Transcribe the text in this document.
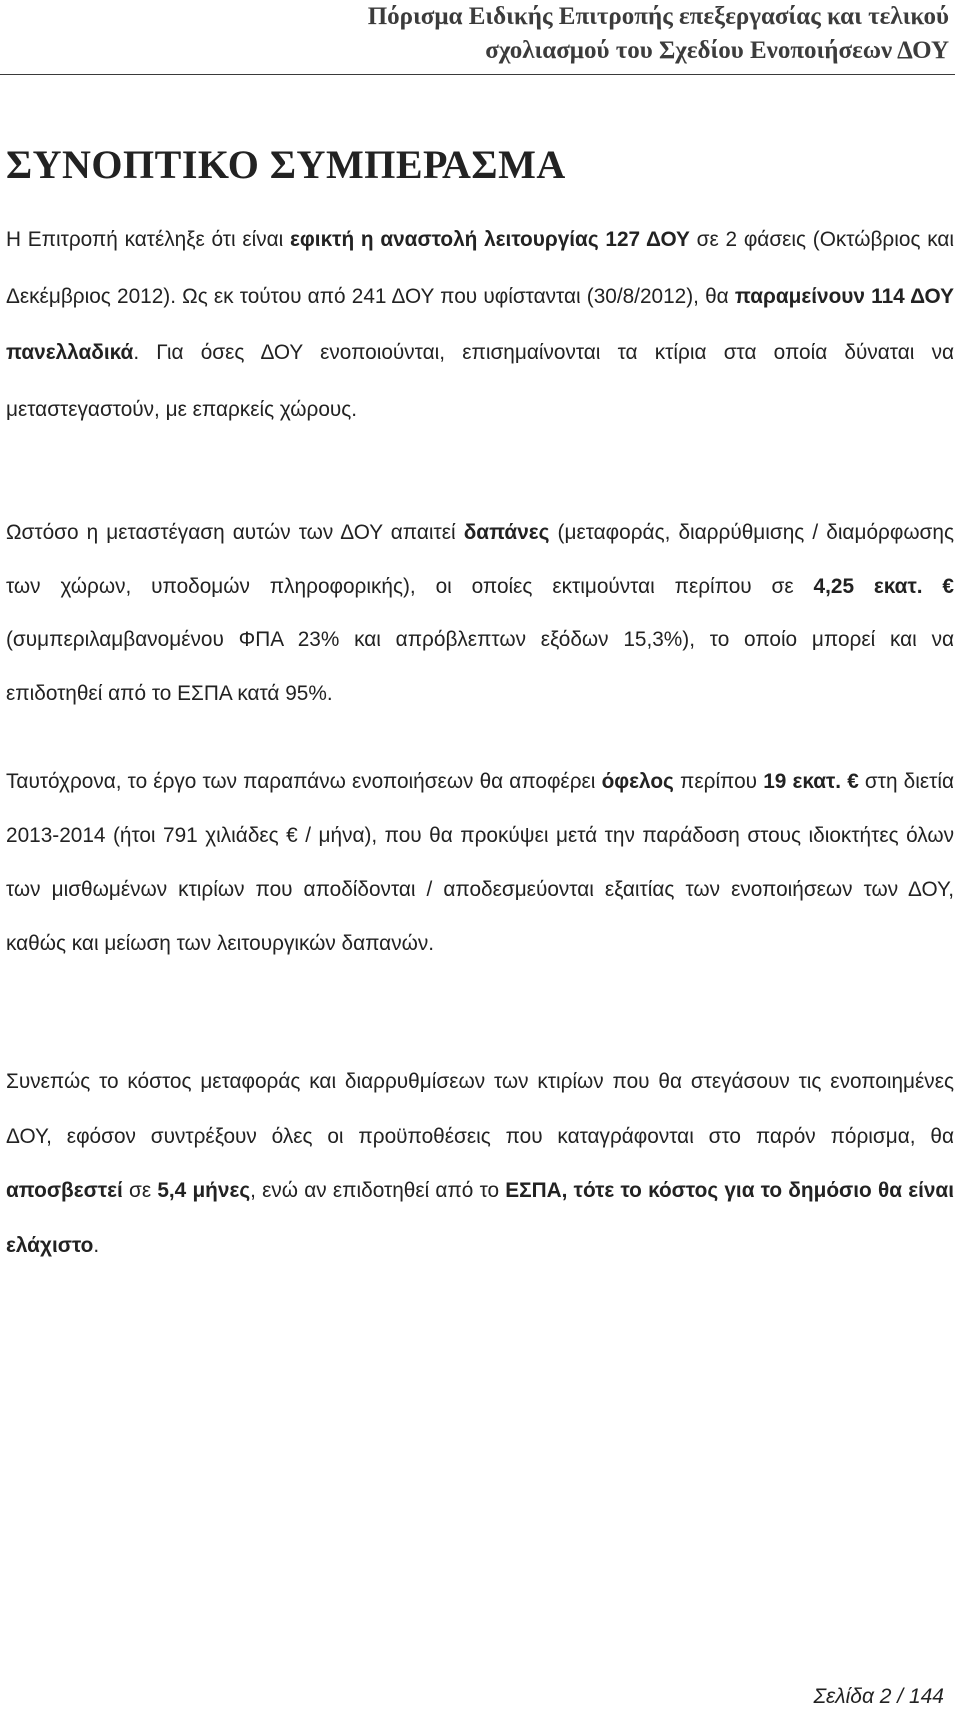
Πόρισμα Ειδικής Επιτροπής επεξεργασίας και τελικού
σχολιασμού του Σχεδίου Ενοποιήσεων ΔΟΥ
ΣΥΝΟΠΤΙΚΟ ΣΥΜΠΕΡΑΣΜΑ

Η Επιτροπή κατέληξε ότι είναι εφικτή η αναστολή λειτουργίας 127 ΔΟΥ σε 2 φάσεις (Οκτώβριος και Δεκέμβριος 2012). Ως εκ τούτου από 241 ΔΟΥ που υφίστανται (30/8/2012), θα παραμείνουν 114 ΔΟΥ πανελλαδικά. Για όσες ΔΟΥ ενοποιούνται, επισημαίνονται τα κτίρια στα οποία δύναται να μεταστεγαστούν, με επαρκείς χώρους.

Ωστόσο η μεταστέγαση αυτών των ΔΟΥ απαιτεί δαπάνες (μεταφοράς, διαρρύθμισης / διαμόρφωσης των χώρων, υποδομών πληροφορικής), οι οποίες εκτιμούνται περίπου σε 4,25 εκατ. € (συμπεριλαμβανομένου ΦΠΑ 23% και απρόβλεπτων εξόδων 15,3%), το οποίο μπορεί και να επιδοτηθεί από το ΕΣΠΑ κατά 95%.

Ταυτόχρονα, το έργο των παραπάνω ενοποιήσεων θα αποφέρει όφελος περίπου 19 εκατ. € στη διετία 2013-2014 (ήτοι 791 χιλιάδες € / μήνα), που θα προκύψει μετά την παράδοση στους ιδιοκτήτες όλων των μισθωμένων κτιρίων που αποδίδονται / αποδεσμεύονται εξαιτίας των ενοποιήσεων των ΔΟΥ, καθώς και μείωση των λειτουργικών δαπανών.

Συνεπώς το κόστος μεταφοράς και διαρρυθμίσεων των κτιρίων που θα στεγάσουν τις ενοποιημένες ΔΟΥ, εφόσον συντρέξουν όλες οι προϋποθέσεις που καταγράφονται στο παρόν πόρισμα, θα αποσβεστεί σε 5,4 μήνες, ενώ αν επιδοτηθεί από το ΕΣΠΑ, τότε το κόστος για το δημόσιο θα είναι ελάχιστο.

Σελίδα 2 / 144
